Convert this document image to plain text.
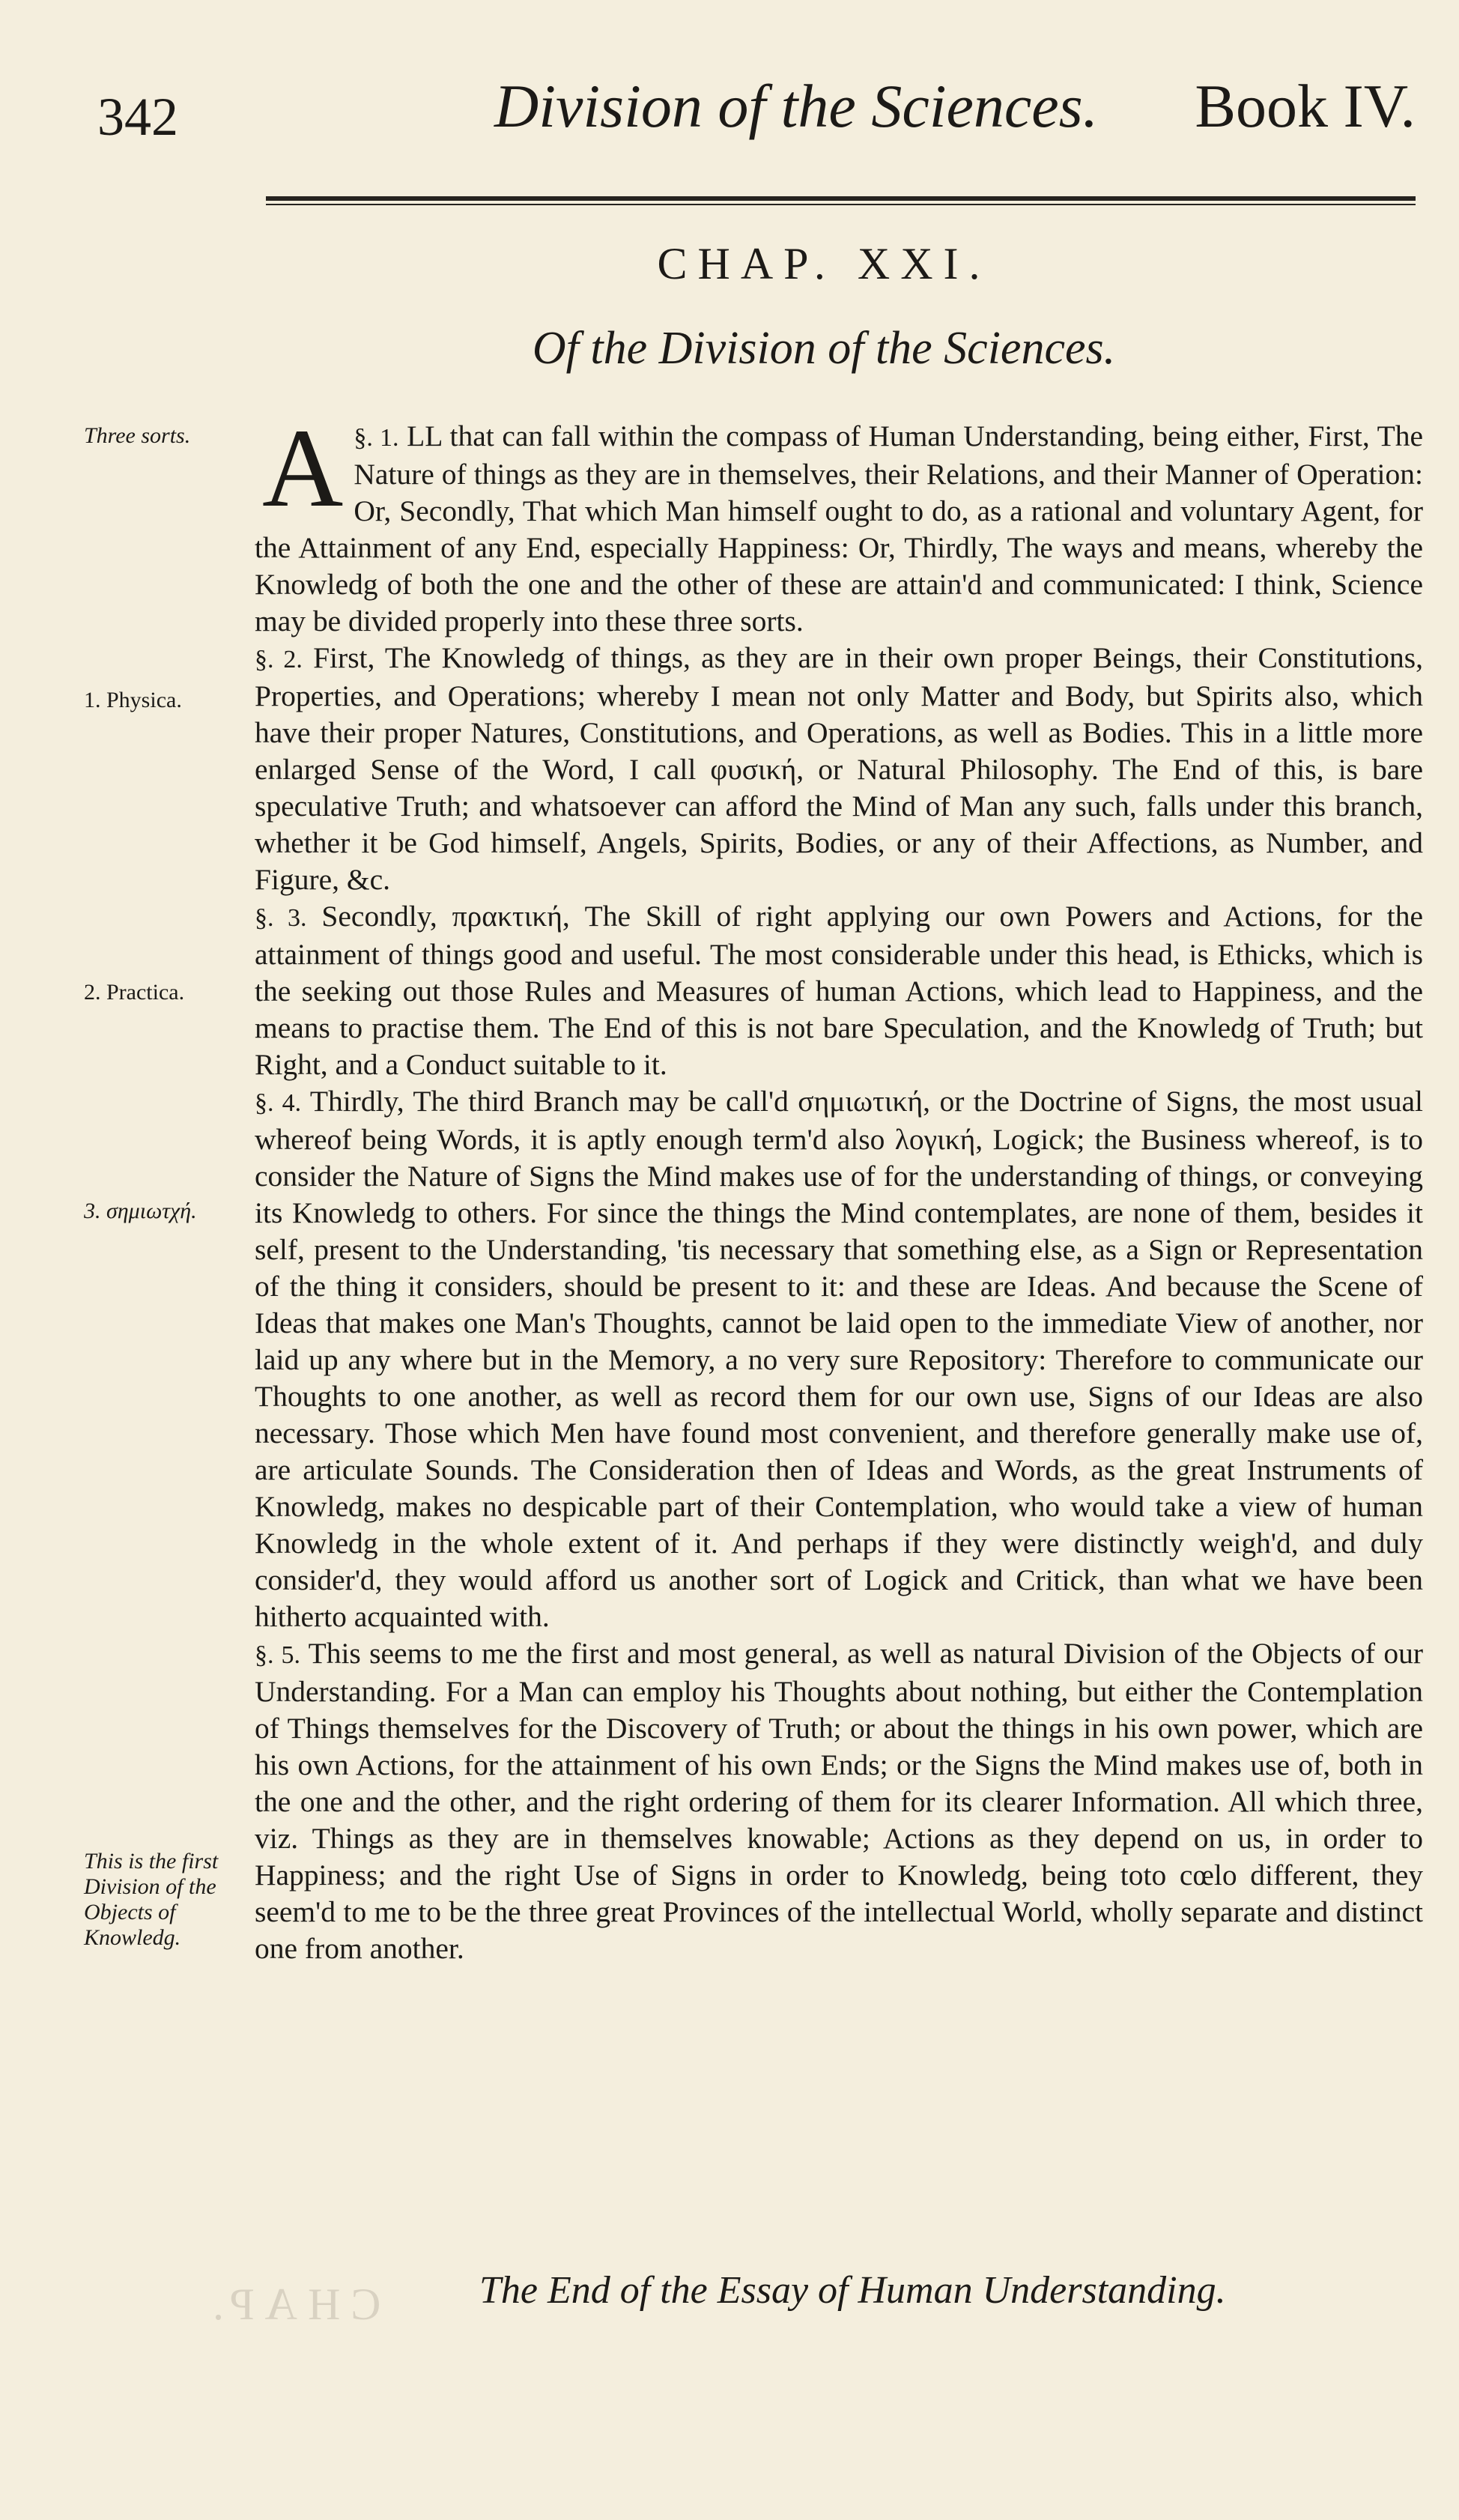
342	Division of the Sciences. Book IV.
CHAP. XXI.
Of the Division of the Sciences.
Three sorts.
1. Physica.
2. Practica.
3. σημιωτχή.
This is the first Division of the Objects of Knowledg.

§. 1.
A LL that can fall within the compass of Human Understanding, being either, First, The Nature of things as they are in themselves, their Relations, and their Manner of Operation: Or, Secondly, That which Man himself ought to do, as a rational and voluntary Agent, for the Attainment of any End, especially Happiness: Or, Thirdly, The ways and means, whereby the Knowledg of both the one and the other of these are attain'd and communicated: I think, Science may be divided properly into these three sorts.

§. 2. First, The Knowledg of things, as they are in their own proper Beings, their Constitutions, Properties, and Operations; whereby I mean not only Matter and Body, but Spirits also, which have their proper Natures, Constitutions, and Operations, as well as Bodies. This in a little more enlarged Sense of the Word, I call φυσική, or Natural Philosophy. The End of this, is bare speculative Truth; and whatsoever can afford the Mind of Man any such, falls under this branch, whether it be God himself, Angels, Spirits, Bodies, or any of their Affections, as Number, and Figure, &c.

§. 3. Secondly, πρακτική, The Skill of right applying our own Powers and Actions, for the attainment of things good and useful. The most considerable under this head, is Ethicks, which is the seeking out those Rules and Measures of human Actions, which lead to Happiness, and the means to practise them. The End of this is not bare Speculation, and the Knowledg of Truth; but Right, and a Conduct suitable to it.

§. 4. Thirdly, The third Branch may be call'd σημιωτική, or the Doctrine of Signs, the most usual whereof being Words, it is aptly enough term'd also λογική, Logick; the Business whereof, is to consider the Nature of Signs the Mind makes use of for the understanding of things, or conveying its Knowledg to others. For since the things the Mind contemplates, are none of them, besides it self, present to the Understanding, 'tis necessary that something else, as a Sign or Representation of the thing it considers, should be present to it: and these are Ideas. And because the Scene of Ideas that makes one Man's Thoughts, cannot be laid open to the immediate View of another, nor laid up any where but in the Memory, a no very sure Repository: Therefore to communicate our Thoughts to one another, as well as record them for our own use, Signs of our Ideas are also necessary. Those which Men have found most convenient, and therefore generally make use of, are articulate Sounds. The Consideration then of Ideas and Words, as the great Instruments of Knowledg, makes no despicable part of their Contemplation, who would take a view of human Knowledg in the whole extent of it. And perhaps if they were distinctly weigh'd, and duly consider'd, they would afford us another sort of Logick and Critick, than what we have been hitherto acquainted with.

§. 5. This seems to me the first and most general, as well as natural Division of the Objects of our Understanding. For a Man can employ his Thoughts about nothing, but either the Contemplation of Things themselves for the Discovery of Truth; or about the things in his own power, which are his own Actions, for the attainment of his own Ends; or the Signs the Mind makes use of, both in the one and the other, and the right ordering of them for its clearer Information. All which three, viz. Things as they are in themselves knowable; Actions as they depend on us, in order to Happiness; and the right Use of Signs in order to Knowledg, being toto cœlo different, they seem'd to me to be the three great Provinces of the intellectual World, wholly separate and distinct one from another.

CHAP.	The End of the Essay of Human Understanding.
